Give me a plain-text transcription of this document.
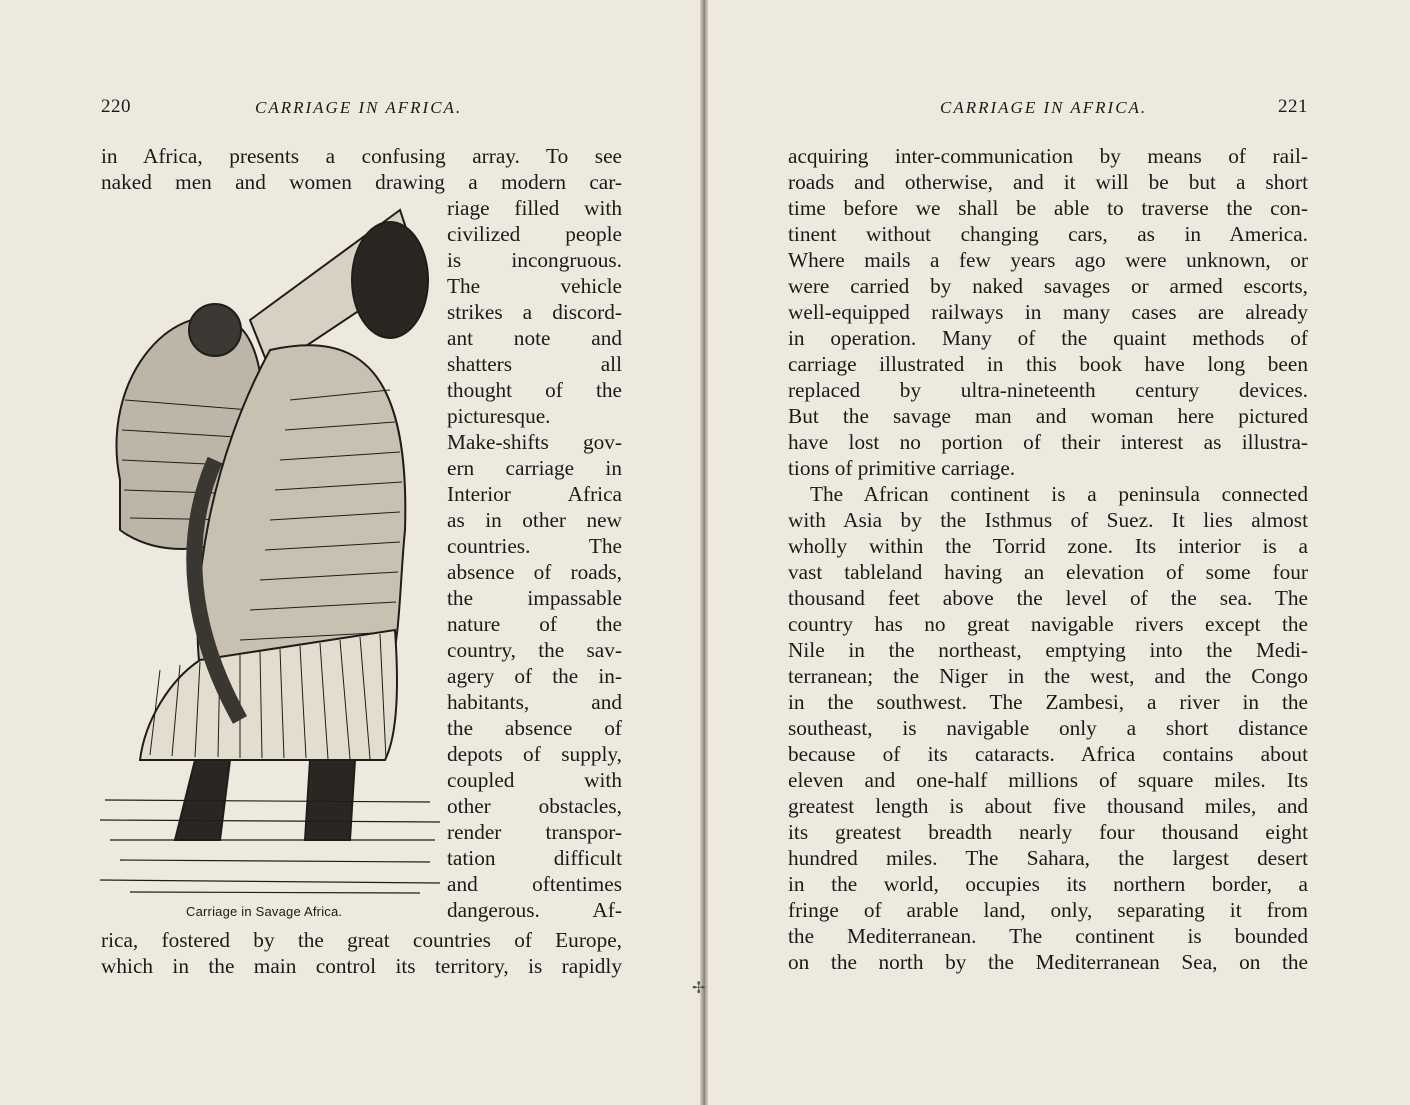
220	CARRIAGE IN AFRICA.
in Africa, presents a confusing array. To see
naked men and women drawing a modern car-
riage filled with
civilized people
is incongruous.
The vehicle
strikes a discord-
ant note and
shatters all
thought of the
picturesque.
Make-shifts gov-
ern carriage in
Interior Africa
as in other new
countries. The
absence of roads,
the impassable
nature of the
country, the sav-
agery of the in-
habitants, and
the absence of
depots of supply,
coupled with
other obstacles,
render transpor-
tation difficult
and oftentimes
dangerous. Af-
Carriage in Savage Africa.
rica, fostered by the great countries of Europe,
which in the main control its territory, is rapidly
✢
CARRIAGE IN AFRICA.	221
acquiring inter-communication by means of rail-
roads and otherwise, and it will be but a short
time before we shall be able to traverse the con-
tinent without changing cars, as in America.
Where mails a few years ago were unknown, or
were carried by naked savages or armed escorts,
well-equipped railways in many cases are already
in operation. Many of the quaint methods of
carriage illustrated in this book have long been
replaced by ultra-nineteenth century devices.
But the savage man and woman here pictured
have lost no portion of their interest as illustra-
tions of primitive carriage.
The African continent is a peninsula connected
with Asia by the Isthmus of Suez. It lies almost
wholly within the Torrid zone. Its interior is a
vast tableland having an elevation of some four
thousand feet above the level of the sea. The
country has no great navigable rivers except the
Nile in the northeast, emptying into the Medi-
terranean; the Niger in the west, and the Congo
in the southwest. The Zambesi, a river in the
southeast, is navigable only a short distance
because of its cataracts. Africa contains about
eleven and one-half millions of square miles. Its
greatest length is about five thousand miles, and
its greatest breadth nearly four thousand eight
hundred miles. The Sahara, the largest desert
in the world, occupies its northern border, a
fringe of arable land, only, separating it from
the Mediterranean. The continent is bounded
on the north by the Mediterranean Sea, on the
